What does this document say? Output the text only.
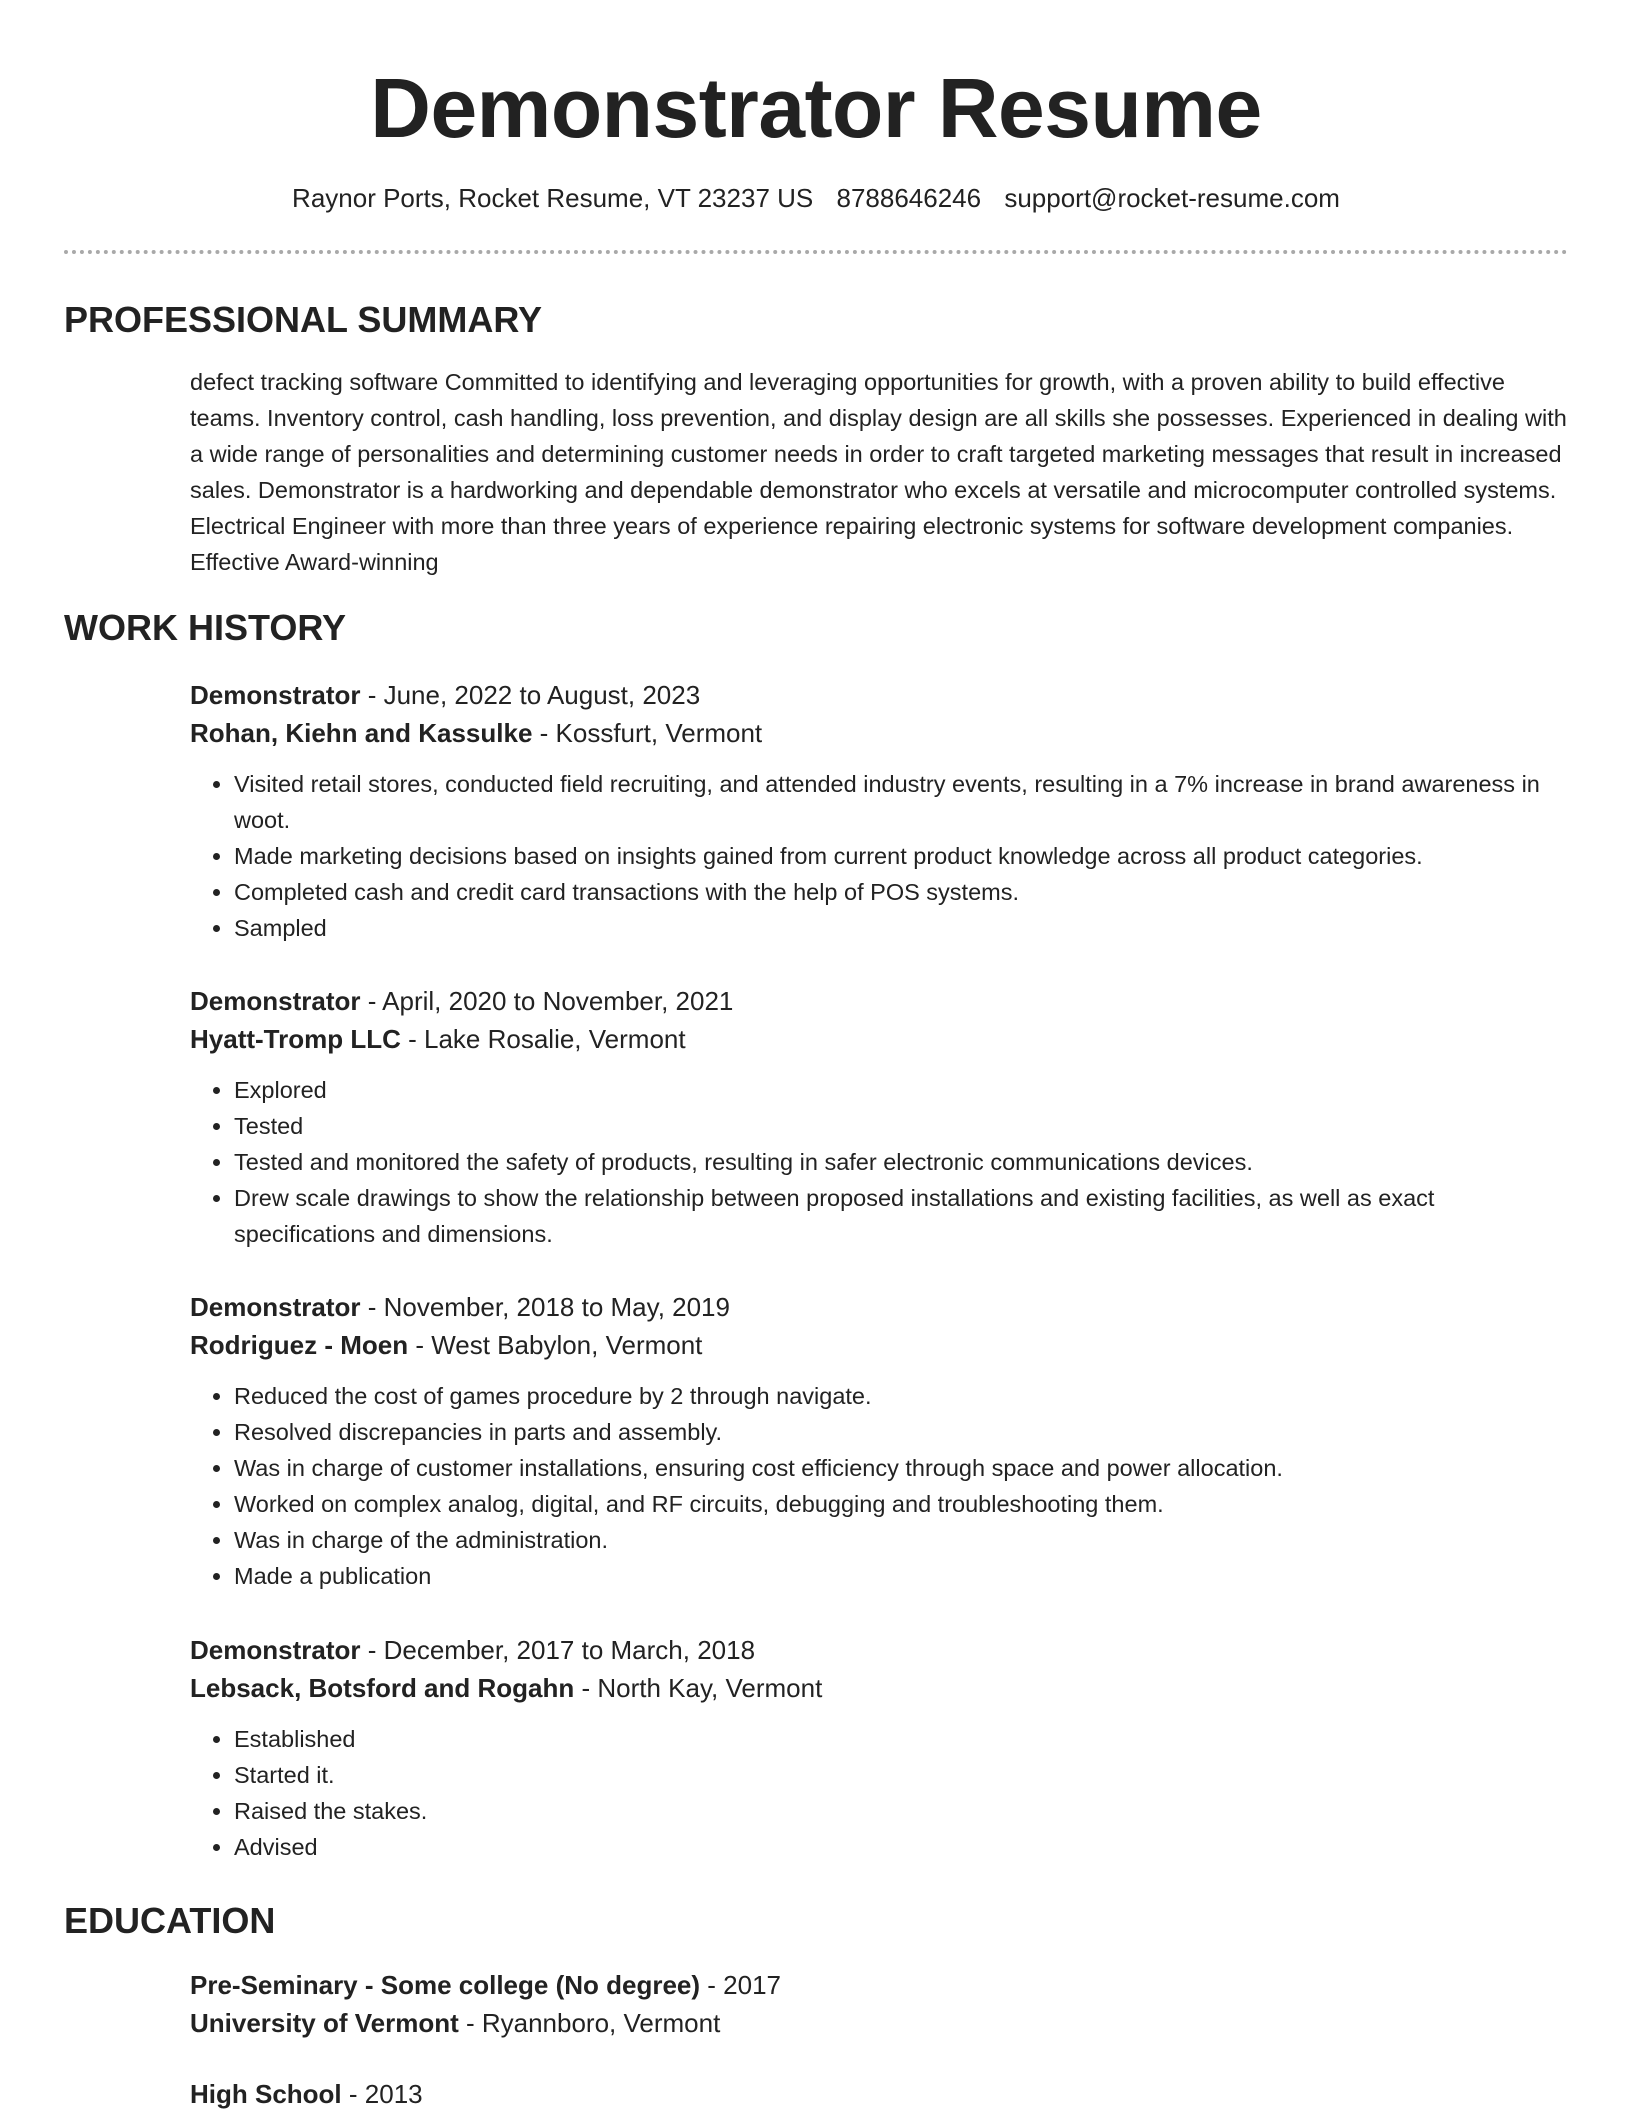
Demonstrator Resume
Raynor Ports, Rocket Resume, VT 23237 US 8788646246 support@rocket-resume.com
PROFESSIONAL SUMMARY

defect tracking software Committed to identifying and leveraging opportunities for growth, with a proven ability to build effective teams. Inventory control, cash handling, loss prevention, and display design are all skills she possesses. Experienced in dealing with a wide range of personalities and determining customer needs in order to craft targeted marketing messages that result in increased sales. Demonstrator is a hardworking and dependable demonstrator who excels at versatile and microcomputer controlled systems. Electrical Engineer with more than three years of experience repairing electronic systems for software development companies. Effective Award-winning

WORK HISTORY
Demonstrator - June, 2022 to August, 2023
Rohan, Kiehn and Kassulke - Kossfurt, Vermont
• Visited retail stores, conducted field recruiting, and attended industry events, resulting in a 7% increase in brand awareness in woot.
• Made marketing decisions based on insights gained from current product knowledge across all product categories.
• Completed cash and credit card transactions with the help of POS systems.
• Sampled
Demonstrator - April, 2020 to November, 2021
Hyatt-Tromp LLC - Lake Rosalie, Vermont
• Explored
• Tested
• Tested and monitored the safety of products, resulting in safer electronic communications devices.
• Drew scale drawings to show the relationship between proposed installations and existing facilities, as well as exact specifications and dimensions.
Demonstrator - November, 2018 to May, 2019
Rodriguez - Moen - West Babylon, Vermont
• Reduced the cost of games procedure by 2 through navigate.
• Resolved discrepancies in parts and assembly.
• Was in charge of customer installations, ensuring cost efficiency through space and power allocation.
• Worked on complex analog, digital, and RF circuits, debugging and troubleshooting them.
• Was in charge of the administration.
• Made a publication
Demonstrator - December, 2017 to March, 2018
Lebsack, Botsford and Rogahn - North Kay, Vermont
• Established
• Started it.
• Raised the stakes.
• Advised
EDUCATION
Pre-Seminary - Some college (No degree) - 2017
University of Vermont - Ryannboro, Vermont
High School - 2013
